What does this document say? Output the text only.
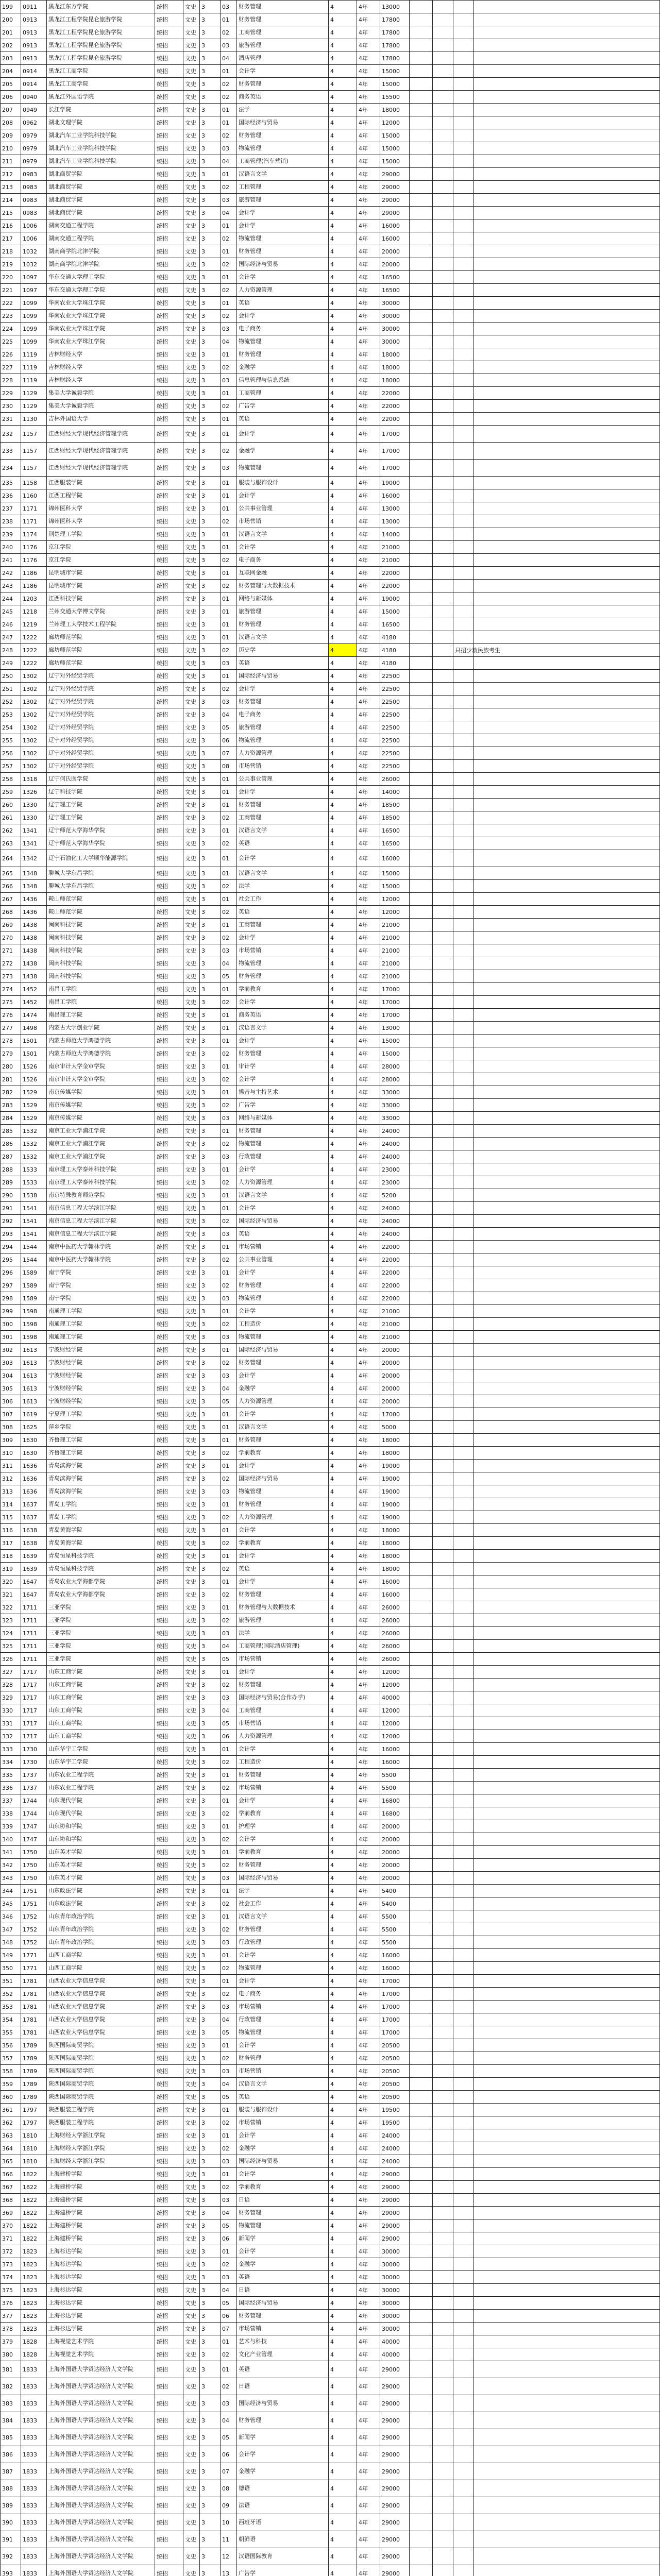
199	0911	黑龙江东方学院	统招	文史	3	03	财务管理	4	4年	13000				
200	0913	黑龙江工程学院昆仑旅游学院	统招	文史	3	01	财务管理	4	4年	17800				
201	0913	黑龙江工程学院昆仑旅游学院	统招	文史	3	02	工商管理	4	4年	17800				
202	0913	黑龙江工程学院昆仑旅游学院	统招	文史	3	03	旅游管理	4	4年	17800				
203	0913	黑龙江工程学院昆仑旅游学院	统招	文史	3	04	酒店管理	4	4年	17800				
204	0914	黑龙江工商学院	统招	文史	3	01	会计学	4	4年	15000				
205	0914	黑龙江工商学院	统招	文史	3	02	财务管理	4	4年	15000				
206	0940	黑龙江外国语学院	统招	文史	3	02	商务英语	4	4年	15500				
207	0949	长江学院	统招	文史	3	01	法学	4	4年	18000				
208	0962	湖北文理学院	统招	文史	3	01	国际经济与贸易	4	4年	12000				
209	0979	湖北汽车工业学院科技学院	统招	文史	3	02	财务管理	4	4年	15000				
210	0979	湖北汽车工业学院科技学院	统招	文史	3	03	物流管理	4	4年	15000				
211	0979	湖北汽车工业学院科技学院	统招	文史	3	04	工商管理(汽车营销)	4	4年	15000				
212	0983	湖北商贸学院	统招	文史	3	01	汉语言文学	4	4年	29000				
213	0983	湖北商贸学院	统招	文史	3	02	工程管理	4	4年	29000				
214	0983	湖北商贸学院	统招	文史	3	03	旅游管理	4	4年	29000				
215	0983	湖北商贸学院	统招	文史	3	04	会计学	4	4年	29000				
216	1006	湖南交通工程学院	统招	文史	3	01	会计学	4	4年	16000				
217	1006	湖南交通工程学院	统招	文史	3	02	物流管理	4	4年	16000				
218	1032	湖南商学院北津学院	统招	文史	3	01	财务管理	4	4年	20000				
219	1032	湖南商学院北津学院	统招	文史	3	02	国际经济与贸易	4	4年	20000				
220	1097	华东交通大学理工学院	统招	文史	3	01	会计学	4	4年	16500				
221	1097	华东交通大学理工学院	统招	文史	3	02	人力资源管理	4	4年	16500				
222	1099	华南农业大学珠江学院	统招	文史	3	01	英语	4	4年	30000				
223	1099	华南农业大学珠江学院	统招	文史	3	02	会计学	4	4年	30000				
224	1099	华南农业大学珠江学院	统招	文史	3	03	电子商务	4	4年	30000				
225	1099	华南农业大学珠江学院	统招	文史	3	04	物流管理	4	4年	30000				
226	1119	吉林财经大学	统招	文史	3	01	财务管理	4	4年	18000				
227	1119	吉林财经大学	统招	文史	3	02	金融学	4	4年	18000				
228	1119	吉林财经大学	统招	文史	3	03	信息管理与信息系统	4	4年	18000				
229	1129	集美大学诚毅学院	统招	文史	3	01	工商管理	4	4年	22000				
230	1129	集美大学诚毅学院	统招	文史	3	02	广告学	4	4年	22000				
231	1130	吉林外国语大学	统招	文史	3	01	英语	4	4年	22000				
232	1157	江西财经大学现代经济管理学院	统招	文史	3	01	会计学	4	4年	17000				
233	1157	江西财经大学现代经济管理学院	统招	文史	3	02	金融学	4	4年	17000				
234	1157	江西财经大学现代经济管理学院	统招	文史	3	03	物流管理	4	4年	17000				
235	1158	江西服装学院	统招	文史	3	01	服装与服饰设计	4	4年	19000				
236	1160	江西工程学院	统招	文史	3	01	会计学	4	4年	16000				
237	1171	锦州医科大学	统招	文史	3	01	公共事业管理	4	4年	13000				
238	1171	锦州医科大学	统招	文史	3	02	市场营销	4	4年	13000				
239	1174	荆楚理工学院	统招	文史	3	01	汉语言文学	4	4年	14000				
240	1176	京江学院	统招	文史	3	01	会计学	4	4年	21000				
241	1176	京江学院	统招	文史	3	02	电子商务	4	4年	21000				
242	1186	昆明城市学院	统招	文史	3	01	互联网金融	4	4年	22000				
243	1186	昆明城市学院	统招	文史	3	02	财务管理与大数据技术	4	4年	22000				
244	1203	江西科技学院	统招	文史	3	01	网络与新媒体	4	4年	19000				
245	1218	兰州交通大学博文学院	统招	文史	3	01	旅游管理	4	4年	15000				
246	1219	兰州理工大学技术工程学院	统招	文史	3	01	财务管理	4	4年	16500				
247	1222	廊坊师范学院	统招	文史	3	01	汉语言文学	4	4年	4180				
248	1222	廊坊师范学院	统招	文史	3	02	历史学	4	4年	4180			只招少数民族考生	
249	1222	廊坊师范学院	统招	文史	3	03	英语	4	4年	4180				
250	1302	辽宁对外经贸学院	统招	文史	3	01	国际经济与贸易	4	4年	22500				
251	1302	辽宁对外经贸学院	统招	文史	3	02	会计学	4	4年	22500				
252	1302	辽宁对外经贸学院	统招	文史	3	03	财务管理	4	4年	22500				
253	1302	辽宁对外经贸学院	统招	文史	3	04	电子商务	4	4年	22500				
254	1302	辽宁对外经贸学院	统招	文史	3	05	旅游管理	4	4年	22500				
255	1302	辽宁对外经贸学院	统招	文史	3	06	物流管理	4	4年	22500				
256	1302	辽宁对外经贸学院	统招	文史	3	07	人力资源管理	4	4年	22500				
257	1302	辽宁对外经贸学院	统招	文史	3	08	市场营销	4	4年	22500				
258	1318	辽宁何氏医学院	统招	文史	3	01	公共事业管理	4	4年	26000				
259	1326	辽宁科技学院	统招	文史	3	01	会计学	4	4年	14000				
260	1330	辽宁理工学院	统招	文史	3	01	财务管理	4	4年	18500				
261	1330	辽宁理工学院	统招	文史	3	02	工商管理	4	4年	18500				
262	1341	辽宁师范大学海华学院	统招	文史	3	01	汉语言文学	4	4年	16500				
263	1341	辽宁师范大学海华学院	统招	文史	3	02	英语	4	4年	16500				
264	1342	辽宁石油化工大学顺华能源学院	统招	文史	3	01	会计学	4	4年	16000				
265	1348	聊城大学东昌学院	统招	文史	3	01	汉语言文学	4	4年	15000				
266	1348	聊城大学东昌学院	统招	文史	3	02	法学	4	4年	15000				
267	1436	鞍山师范学院	统招	文史	3	01	社会工作	4	4年	12000				
268	1436	鞍山师范学院	统招	文史	3	02	英语	4	4年	12000				
269	1438	闽南科技学院	统招	文史	3	01	工商管理	4	4年	21000				
270	1438	闽南科技学院	统招	文史	3	02	会计学	4	4年	21000				
271	1438	闽南科技学院	统招	文史	3	03	市场营销	4	4年	21000				
272	1438	闽南科技学院	统招	文史	3	04	物流管理	4	4年	21000				
273	1438	闽南科技学院	统招	文史	3	05	财务管理	4	4年	21000				
274	1452	南昌工学院	统招	文史	3	01	学前教育	4	4年	17000				
275	1452	南昌工学院	统招	文史	3	02	会计学	4	4年	17000				
276	1474	南昌理工学院	统招	文史	3	01	商务英语	4	4年	17000				
277	1498	内蒙古大学创业学院	统招	文史	3	01	汉语言文学	4	4年	13000				
278	1501	内蒙古师范大学鸿德学院	统招	文史	3	01	会计学	4	4年	15000				
279	1501	内蒙古师范大学鸿德学院	统招	文史	3	02	财务管理	4	4年	15000				
280	1526	南京审计大学金审学院	统招	文史	3	01	审计学	4	4年	28000				
281	1526	南京审计大学金审学院	统招	文史	3	02	会计学	4	4年	28000				
282	1529	南京传媒学院	统招	文史	3	01	播音与主持艺术	4	4年	33000				
283	1529	南京传媒学院	统招	文史	3	02	广告学	4	4年	33000				
284	1529	南京传媒学院	统招	文史	3	03	网络与新媒体	4	4年	33000				
285	1532	南京工业大学浦江学院	统招	文史	3	01	财务管理	4	4年	24000				
286	1532	南京工业大学浦江学院	统招	文史	3	02	物流管理	4	4年	24000				
287	1532	南京工业大学浦江学院	统招	文史	3	03	行政管理	4	4年	24000				
288	1533	南京理工大学泰州科技学院	统招	文史	3	01	会计学	4	4年	23000				
289	1533	南京理工大学泰州科技学院	统招	文史	3	02	人力资源管理	4	4年	23000				
290	1538	南京特殊教育师范学院	统招	文史	3	01	汉语言文学	4	4年	5200				
291	1541	南京信息工程大学滨江学院	统招	文史	3	01	会计学	4	4年	24000				
292	1541	南京信息工程大学滨江学院	统招	文史	3	02	国际经济与贸易	4	4年	24000				
293	1541	南京信息工程大学滨江学院	统招	文史	3	03	英语	4	4年	24000				
294	1544	南京中医药大学翰林学院	统招	文史	3	01	市场营销	4	4年	22000				
295	1544	南京中医药大学翰林学院	统招	文史	3	02	公共事业管理	4	4年	22000				
296	1589	南宁学院	统招	文史	3	01	会计学	4	4年	22000				
297	1589	南宁学院	统招	文史	3	02	财务管理	4	4年	22000				
298	1589	南宁学院	统招	文史	3	03	物流管理	4	4年	22000				
299	1598	南通理工学院	统招	文史	3	01	会计学	4	4年	21000				
300	1598	南通理工学院	统招	文史	3	02	工程造价	4	4年	21000				
301	1598	南通理工学院	统招	文史	3	03	物流管理	4	4年	21000				
302	1613	宁波财经学院	统招	文史	3	01	国际经济与贸易	4	4年	20000				
303	1613	宁波财经学院	统招	文史	3	02	财务管理	4	4年	20000				
304	1613	宁波财经学院	统招	文史	3	03	会计学	4	4年	20000				
305	1613	宁波财经学院	统招	文史	3	04	金融学	4	4年	20000				
306	1613	宁波财经学院	统招	文史	3	05	人力资源管理	4	4年	20000				
307	1619	宁夏理工学院	统招	文史	3	01	会计学	4	4年	17000				
308	1625	萍乡学院	统招	文史	3	01	汉语言文学	4	4年	5000				
309	1630	齐鲁理工学院	统招	文史	3	01	财务管理	4	4年	18000				
310	1630	齐鲁理工学院	统招	文史	3	02	学前教育	4	4年	18000				
311	1636	青岛滨海学院	统招	文史	3	01	会计学	4	4年	19000				
312	1636	青岛滨海学院	统招	文史	3	02	国际经济与贸易	4	4年	19000				
313	1636	青岛滨海学院	统招	文史	3	03	物流管理	4	4年	19000				
314	1637	青岛工学院	统招	文史	3	01	财务管理	4	4年	19000				
315	1637	青岛工学院	统招	文史	3	02	人力资源管理	4	4年	19000				
316	1638	青岛黄海学院	统招	文史	3	01	会计学	4	4年	18000				
317	1638	青岛黄海学院	统招	文史	3	02	学前教育	4	4年	18000				
318	1639	青岛恒星科技学院	统招	文史	3	01	会计学	4	4年	18000				
319	1639	青岛恒星科技学院	统招	文史	3	02	英语	4	4年	18000				
320	1647	青岛农业大学海都学院	统招	文史	3	01	会计学	4	4年	16000				
321	1647	青岛农业大学海都学院	统招	文史	3	02	财务管理	4	4年	16000				
322	1711	三亚学院	统招	文史	3	01	财务管理与大数据技术	4	4年	26000				
323	1711	三亚学院	统招	文史	3	02	旅游管理	4	4年	26000				
324	1711	三亚学院	统招	文史	3	03	法学	4	4年	26000				
325	1711	三亚学院	统招	文史	3	04	工商管理(国际酒店管理)	4	4年	26000				
326	1711	三亚学院	统招	文史	3	05	市场营销	4	4年	26000				
327	1717	山东工商学院	统招	文史	3	01	会计学	4	4年	12000				
328	1717	山东工商学院	统招	文史	3	02	财务管理	4	4年	12000				
329	1717	山东工商学院	统招	文史	3	03	国际经济与贸易(合作办学)	4	4年	40000				
330	1717	山东工商学院	统招	文史	3	04	工商管理	4	4年	12000				
331	1717	山东工商学院	统招	文史	3	05	市场营销	4	4年	12000				
332	1717	山东工商学院	统招	文史	3	06	人力资源管理	4	4年	12000				
333	1730	山东华宇工学院	统招	文史	3	01	会计学	4	4年	16000				
334	1730	山东华宇工学院	统招	文史	3	02	工程造价	4	4年	16000				
335	1737	山东农业工程学院	统招	文史	3	01	财务管理	4	4年	5500				
336	1737	山东农业工程学院	统招	文史	3	02	市场营销	4	4年	5500				
337	1744	山东现代学院	统招	文史	3	01	会计学	4	4年	16800				
338	1744	山东现代学院	统招	文史	3	02	学前教育	4	4年	16800				
339	1747	山东协和学院	统招	文史	3	01	护理学	4	4年	20000				
340	1747	山东协和学院	统招	文史	3	02	会计学	4	4年	20000				
341	1750	山东英才学院	统招	文史	3	01	学前教育	4	4年	20000				
342	1750	山东英才学院	统招	文史	3	02	财务管理	4	4年	20000				
343	1750	山东英才学院	统招	文史	3	03	国际经济与贸易	4	4年	20000				
344	1751	山东政法学院	统招	文史	3	01	法学	4	4年	5400				
345	1751	山东政法学院	统招	文史	3	02	社会工作	4	4年	5400				
346	1752	山东青年政治学院	统招	文史	3	01	汉语言文学	4	4年	5500				
347	1752	山东青年政治学院	统招	文史	3	02	财务管理	4	4年	5500				
348	1752	山东青年政治学院	统招	文史	3	03	行政管理	4	4年	5500				
349	1771	山西工商学院	统招	文史	3	01	会计学	4	4年	16000				
350	1771	山西工商学院	统招	文史	3	02	物流管理	4	4年	16000				
351	1781	山西农业大学信息学院	统招	文史	3	01	会计学	4	4年	17000				
352	1781	山西农业大学信息学院	统招	文史	3	02	电子商务	4	4年	17000				
353	1781	山西农业大学信息学院	统招	文史	3	03	市场营销	4	4年	17000				
354	1781	山西农业大学信息学院	统招	文史	3	04	行政管理	4	4年	17000				
355	1781	山西农业大学信息学院	统招	文史	3	05	物流管理	4	4年	17000				
356	1789	陕西国际商贸学院	统招	文史	3	01	会计学	4	4年	20500				
357	1789	陕西国际商贸学院	统招	文史	3	02	财务管理	4	4年	20500				
358	1789	陕西国际商贸学院	统招	文史	3	03	市场营销	4	4年	20500				
359	1789	陕西国际商贸学院	统招	文史	3	04	汉语言文学	4	4年	20500				
360	1789	陕西国际商贸学院	统招	文史	3	05	英语	4	4年	20500				
361	1797	陕西服装工程学院	统招	文史	3	01	服装与服饰设计	4	4年	19500				
362	1797	陕西服装工程学院	统招	文史	3	02	市场营销	4	4年	19500				
363	1810	上海财经大学浙江学院	统招	文史	3	01	会计学	4	4年	24000				
364	1810	上海财经大学浙江学院	统招	文史	3	02	金融学	4	4年	24000				
365	1810	上海财经大学浙江学院	统招	文史	3	03	国际经济与贸易	4	4年	24000				
366	1822	上海建桥学院	统招	文史	3	01	会计学	4	4年	29000				
367	1822	上海建桥学院	统招	文史	3	02	学前教育	4	4年	29000				
368	1822	上海建桥学院	统招	文史	3	03	日语	4	4年	29000				
369	1822	上海建桥学院	统招	文史	3	04	财务管理	4	4年	29000				
370	1822	上海建桥学院	统招	文史	3	05	物流管理	4	4年	29000				
371	1822	上海建桥学院	统招	文史	3	06	新闻学	4	4年	29000				
372	1823	上海杉达学院	统招	文史	3	01	会计学	4	4年	30000				
373	1823	上海杉达学院	统招	文史	3	02	金融学	4	4年	30000				
374	1823	上海杉达学院	统招	文史	3	03	英语	4	4年	30000				
375	1823	上海杉达学院	统招	文史	3	04	日语	4	4年	30000				
376	1823	上海杉达学院	统招	文史	3	05	国际经济与贸易	4	4年	30000				
377	1823	上海杉达学院	统招	文史	3	06	财务管理	4	4年	30000				
378	1823	上海杉达学院	统招	文史	3	07	市场营销	4	4年	30000				
379	1828	上海视觉艺术学院	统招	文史	3	01	艺术与科技	4	4年	40000				
380	1828	上海视觉艺术学院	统招	文史	3	02	文化产业管理	4	4年	40000				
381	1833	上海外国语大学贤达经济人文学院	统招	文史	3	01	英语	4	4年	29000				
382	1833	上海外国语大学贤达经济人文学院	统招	文史	3	02	日语	4	4年	29000				
383	1833	上海外国语大学贤达经济人文学院	统招	文史	3	03	国际经济与贸易	4	4年	29000				
384	1833	上海外国语大学贤达经济人文学院	统招	文史	3	04	财务管理	4	4年	29000				
385	1833	上海外国语大学贤达经济人文学院	统招	文史	3	05	新闻学	4	4年	29000				
386	1833	上海外国语大学贤达经济人文学院	统招	文史	3	06	会计学	4	4年	29000				
387	1833	上海外国语大学贤达经济人文学院	统招	文史	3	07	金融学	4	4年	29000				
388	1833	上海外国语大学贤达经济人文学院	统招	文史	3	08	德语	4	4年	29000				
389	1833	上海外国语大学贤达经济人文学院	统招	文史	3	09	法语	4	4年	29000				
390	1833	上海外国语大学贤达经济人文学院	统招	文史	3	10	西班牙语	4	4年	29000				
391	1833	上海外国语大学贤达经济人文学院	统招	文史	3	11	朝鲜语	4	4年	29000				
392	1833	上海外国语大学贤达经济人文学院	统招	文史	3	12	汉语国际教育	4	4年	29000				
393	1833	上海外国语大学贤达经济人文学院	统招	文史	3	13	广告学	4	4年	29000				
